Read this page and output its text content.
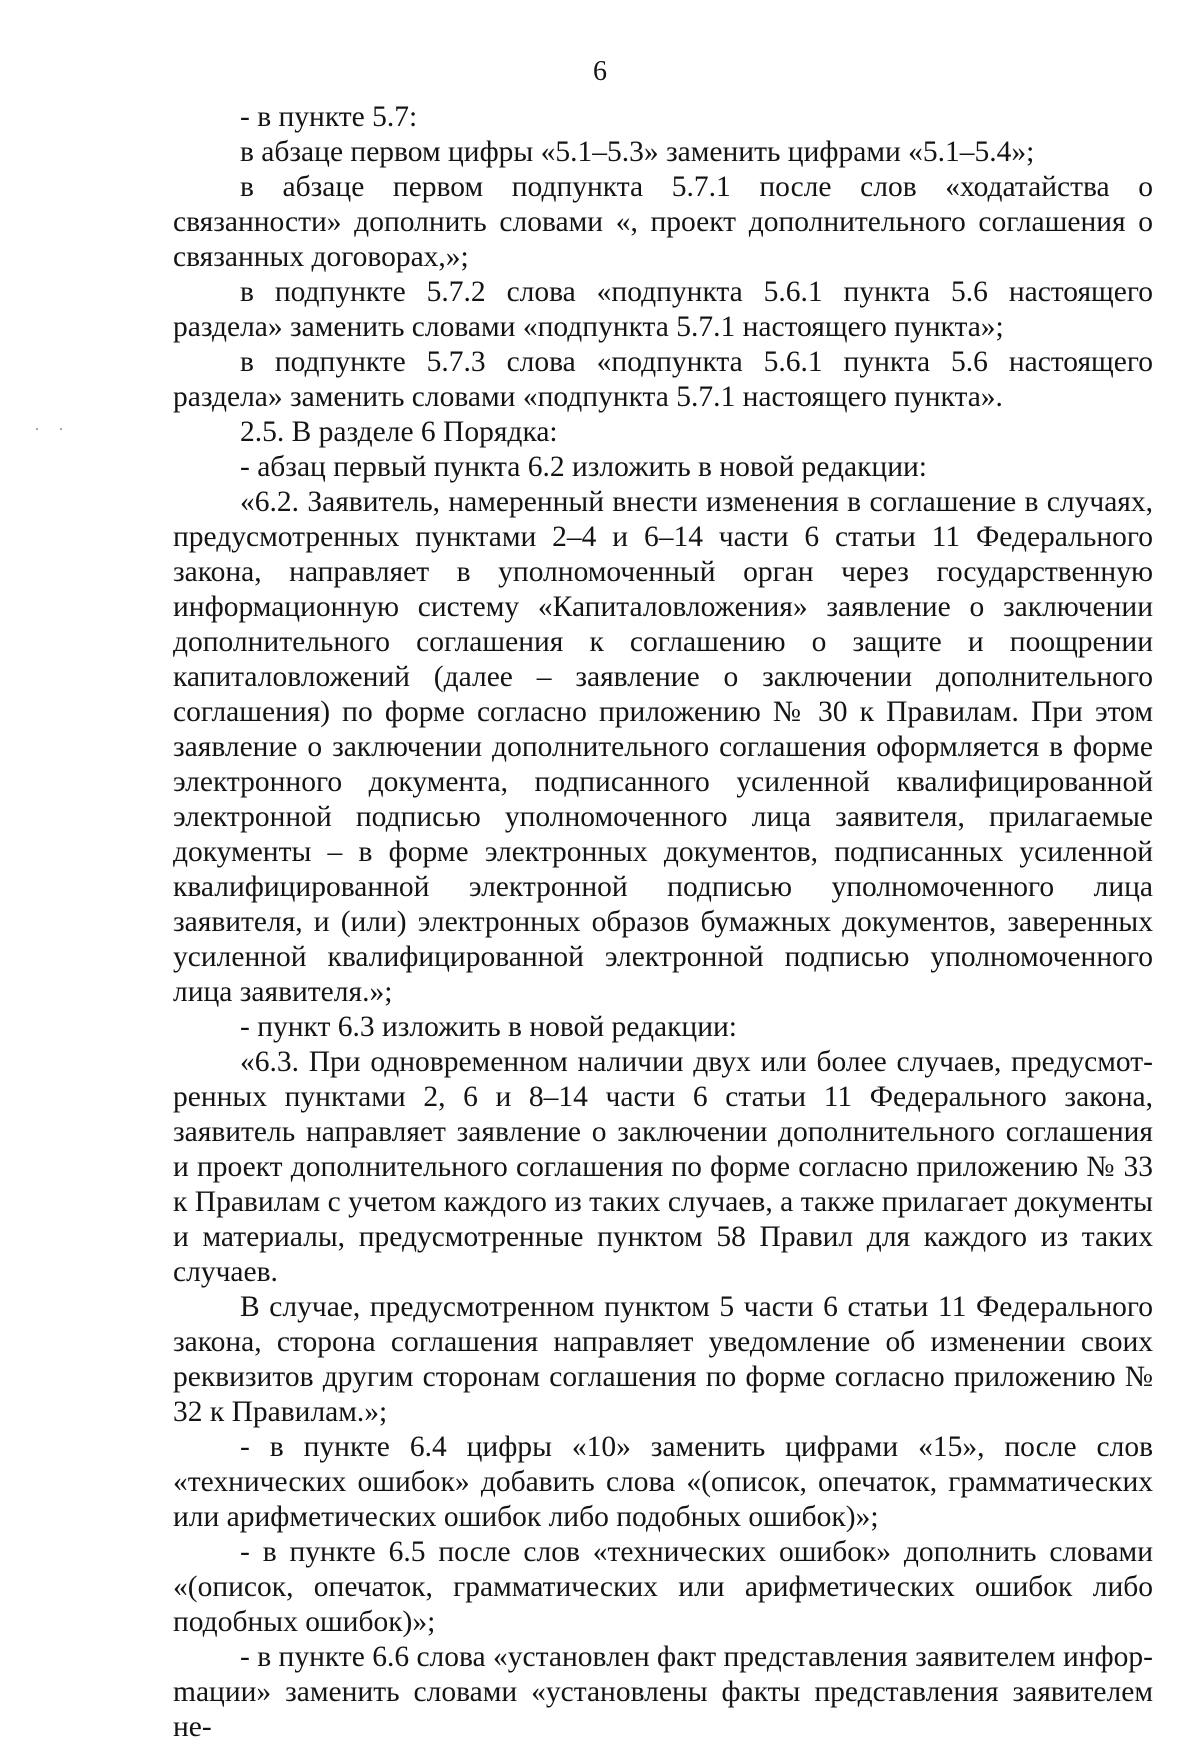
6

- в пункте 5.7:

в абзаце первом цифры «5.1–5.3» заменить цифрами «5.1–5.4»;

в абзаце первом подпункта 5.7.1 после слов «ходатайства о связанности» дополнить словами «, проект дополнительного соглашения о связанных договорах,»;

в подпункте 5.7.2 слова «подпункта 5.6.1 пункта 5.6 настоящего раздела» заменить словами «подпункта 5.7.1 настоящего пункта»;

в подпункте 5.7.3 слова «подпункта 5.6.1 пункта 5.6 настоящего раздела» заменить словами «подпункта 5.7.1 настоящего пункта».

2.5. В разделе 6 Порядка:

- абзац первый пункта 6.2 изложить в новой редакции:

«6.2. Заявитель, намеренный внести изменения в соглашение в случаях, предусмотренных пунктами 2–4 и 6–14 части 6 статьи 11 Федерального закона, направляет в уполномоченный орган через государственную информационную систему «Капиталовложения» заявление о заключении дополнительного соглашения к соглашению о защите и поощрении капиталовложений (далее – заявление о заключении дополнительного соглашения) по форме согласно приложению № 30 к Правилам. При этом заявление о заключении дополнительного соглашения оформляется в форме электронного документа, подписанного усиленной квалифицированной электронной подписью уполномоченного лица заявителя, прилагаемые документы – в форме электронных документов, подписанных усиленной квалифицированной электронной подписью уполномоченного лица заявителя, и (или) электронных образов бумажных документов, заверенных усиленной квалифицированной электронной подписью уполномоченного лица заявителя.»;

- пункт 6.3 изложить в новой редакции:

«6.3. При одновременном наличии двух или более случаев, предусмотренных пунктами 2, 6 и 8–14 части 6 статьи 11 Федерального закона, заявитель направляет заявление о заключении дополнительного соглашения и проект дополнительного соглашения по форме согласно приложению № 33 к Правилам с учетом каждого из таких случаев, а также прилагает документы и материалы, предусмотренные пунктом 58 Правил для каждого из таких случаев.

В случае, предусмотренном пунктом 5 части 6 статьи 11 Федерального закона, сторона соглашения направляет уведомление об изменении своих реквизитов другим сторонам соглашения по форме согласно приложению № 32 к Правилам.»;

- в пункте 6.4 цифры «10» заменить цифрами «15», после слов «технических ошибок» добавить слова «(описок, опечаток, грамматических или арифметических ошибок либо подобных ошибок)»;

- в пункте 6.5 после слов «технических ошибок» дополнить словами «(описок, опечаток, грамматических или арифметических ошибок либо подобных ошибок)»;

- в пункте 6.6 слова «установлен факт представления заявителем инфорmации» заменить словами «установлены факты представления заявителем не-
